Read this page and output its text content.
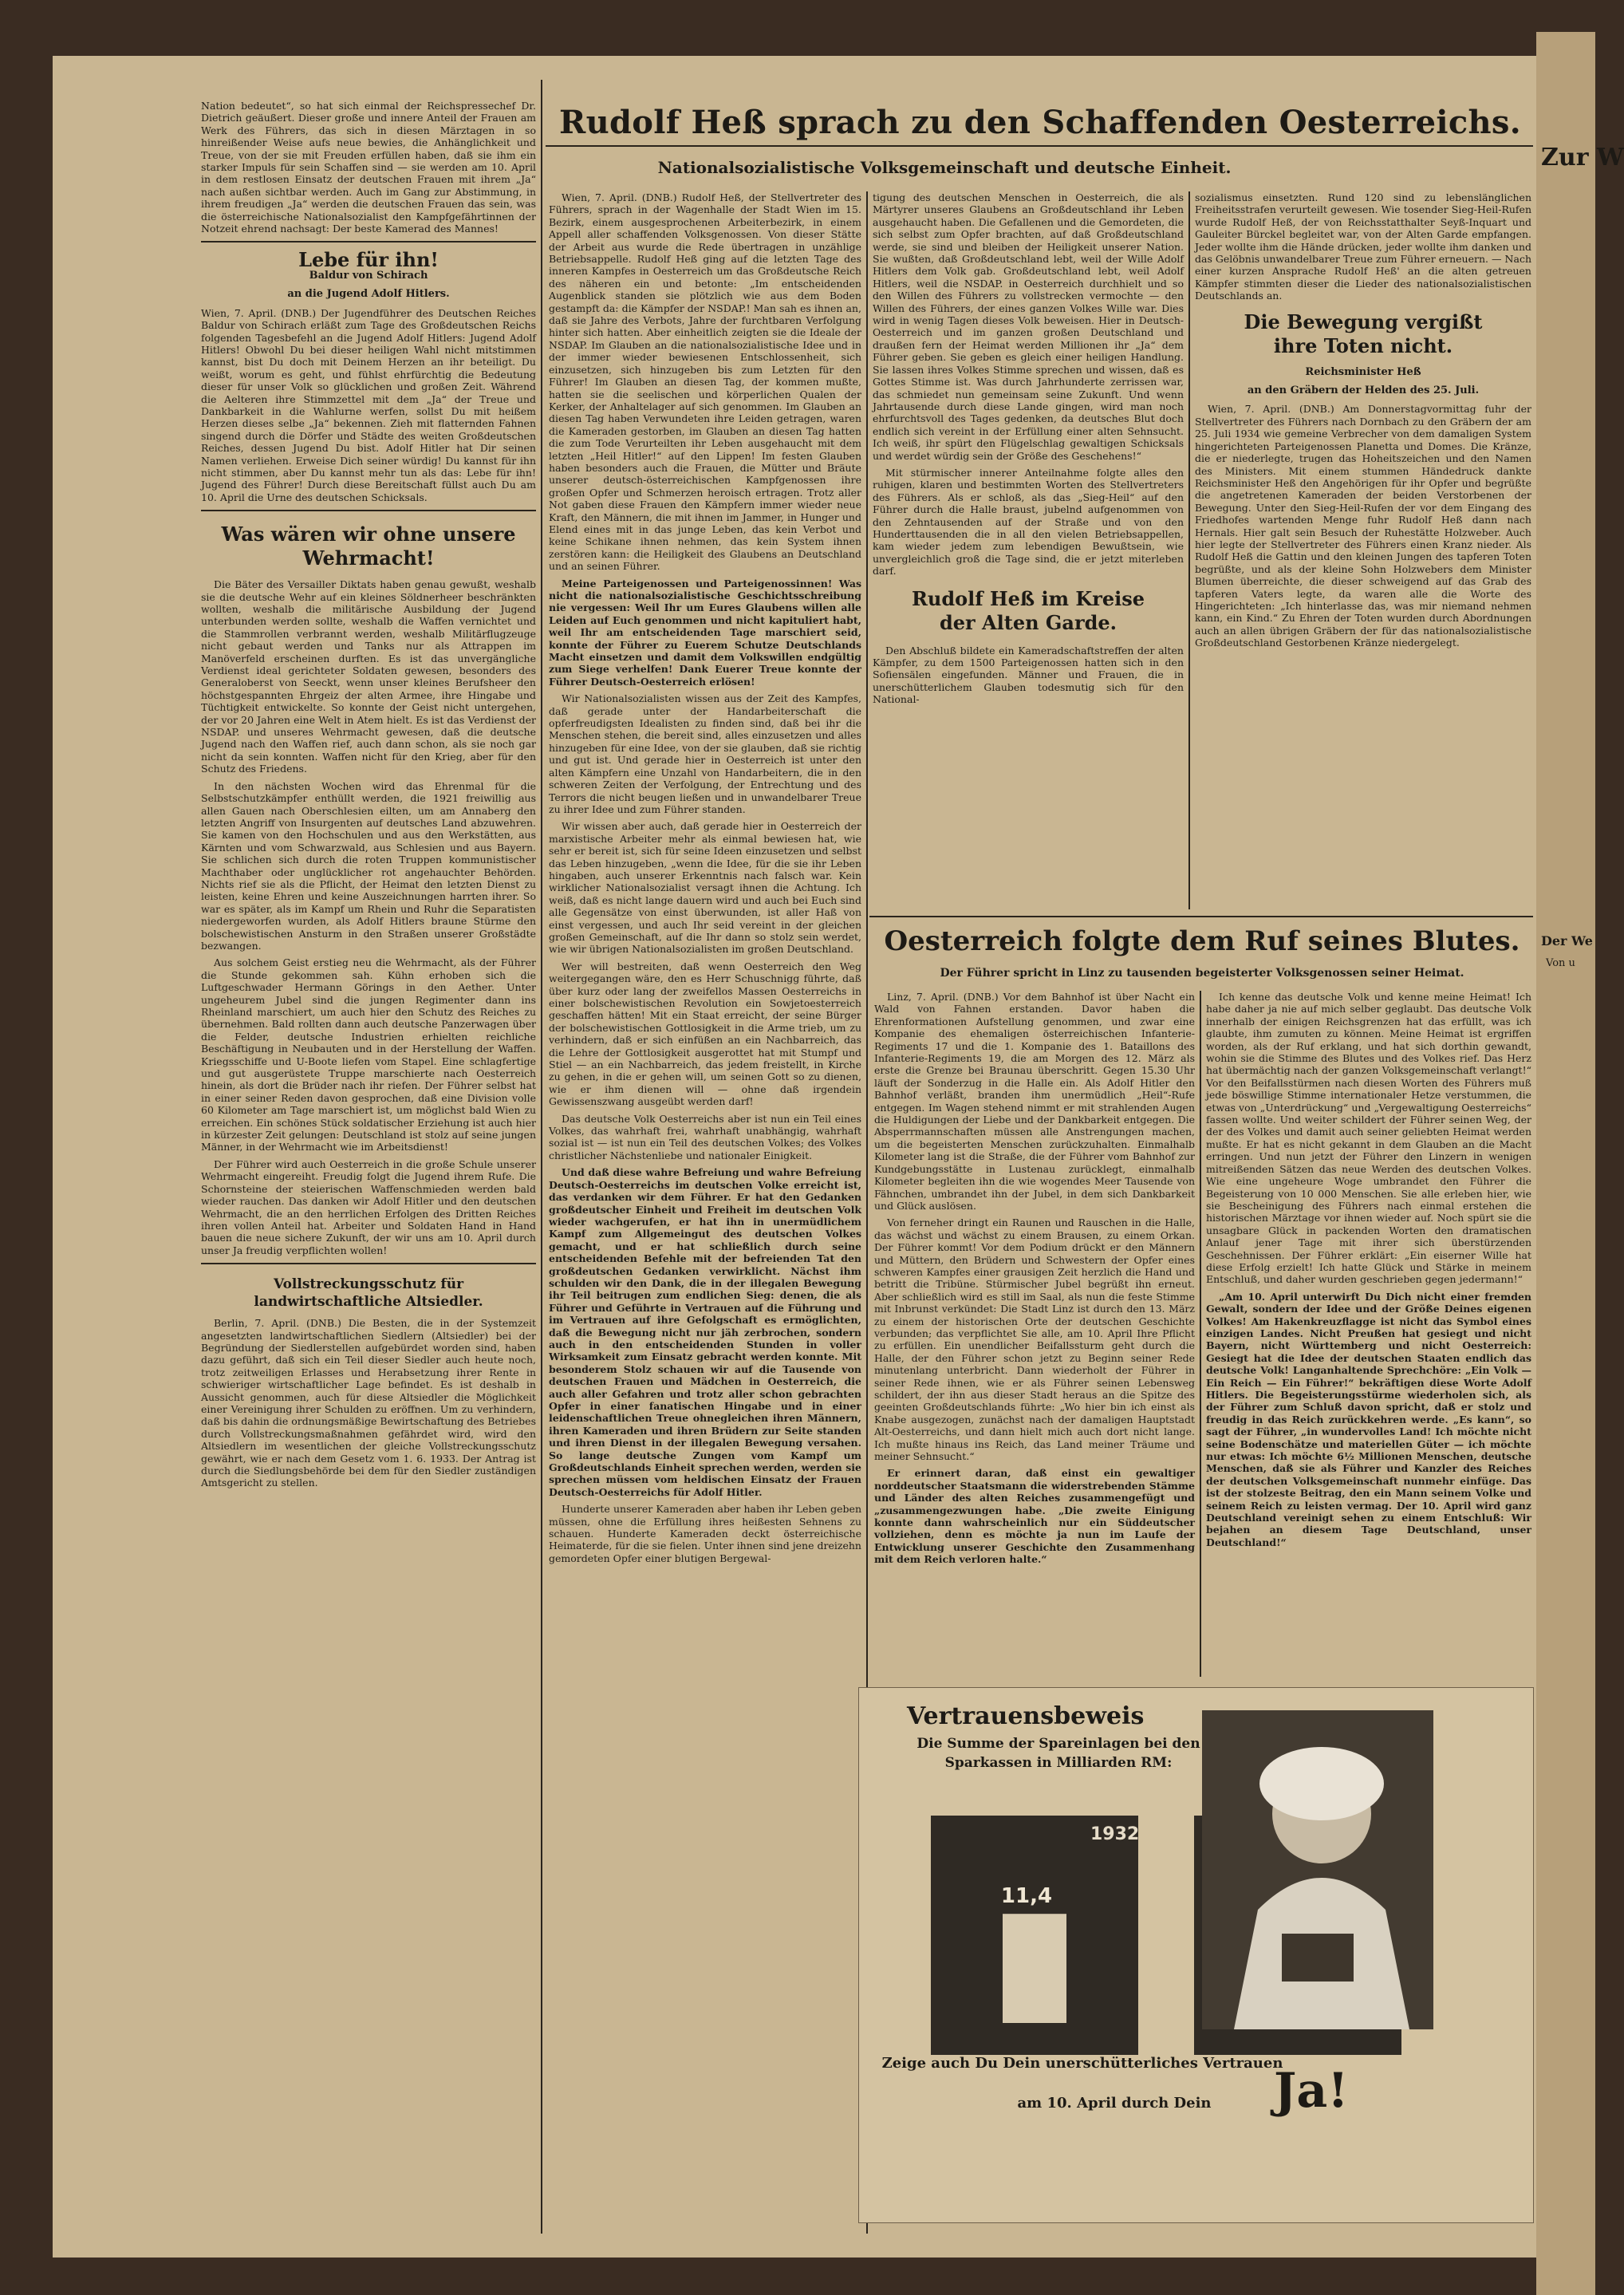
Nation bedeutet“, so hat sich einmal der Reichspressechef Dr. Dietrich geäußert. Dieser große und innere Anteil der Frauen am Werk des Führers, das sich in diesen Märztagen in so hinreißender Weise aufs neue bewies, die Anhänglichkeit und Treue, von der sie mit Freuden erfüllen haben, daß sie ihm ein starker Impuls für sein Schaffen sind — sie werden am 10. April in dem restlosen Einsatz der deutschen Frauen mit ihrem „Ja“ nach außen sichtbar werden. Auch im Gang zur Abstimmung, in ihrem freudigen „Ja“ werden die deutschen Frauen das sein, was die österreichische Nationalsozialist den Kampfgefährtinnen der Notzeit ehrend nachsagt: Der beste Kamerad des Mannes!

Lebe für ihn!
Baldur von Schirach
an die Jugend Adolf Hitlers.

Wien, 7. April. (DNB.) Der Jugendführer des Deutschen Reiches Baldur von Schirach erläßt zum Tage des Großdeutschen Reichs folgenden Tagesbefehl an die Jugend Adolf Hitlers: Jugend Adolf Hitlers! Obwohl Du bei dieser heiligen Wahl nicht mitstimmen kannst, bist Du doch mit Deinem Herzen an ihr beteiligt. Du weißt, worum es geht, und fühlst ehrfürchtig die Bedeutung dieser für unser Volk so glücklichen und großen Zeit. Während die Aelteren ihre Stimmzettel mit dem „Ja“ der Treue und Dankbarkeit in die Wahlurne werfen, sollst Du mit heißem Herzen dieses selbe „Ja“ bekennen. Zieh mit flatternden Fahnen singend durch die Dörfer und Städte des weiten Großdeutschen Reiches, dessen Jugend Du bist. Adolf Hitler hat Dir seinen Namen verliehen. Erweise Dich seiner würdig! Du kannst für ihn nicht stimmen, aber Du kannst mehr tun als das: Lebe für ihn! Jugend des Führer! Durch diese Bereitschaft füllst auch Du am 10. April die Urne des deutschen Schicksals.

Was wären wir ohne unsere Wehrmacht!

Die Bäter des Versailler Diktats haben genau gewußt, weshalb sie die deutsche Wehr auf ein kleines Söldnerheer beschränkten wollten, weshalb die militärische Ausbildung der Jugend unterbunden werden sollte, weshalb die Waffen vernichtet und die Stammrollen verbrannt werden, weshalb Militärflugzeuge nicht gebaut werden und Tanks nur als Attrappen im Manöverfeld erscheinen durften. Es ist das unvergängliche Verdienst ideal gerichteter Soldaten gewesen, besonders des Generaloberst von Seeckt, wenn unser kleines Berufsheer den höchstgespannten Ehrgeiz der alten Armee, ihre Hingabe und Tüchtigkeit entwickelte. So konnte der Geist nicht untergehen, der vor 20 Jahren eine Welt in Atem hielt. Es ist das Verdienst der NSDAP. und unseres Wehrmacht gewesen, daß die deutsche Jugend nach den Waffen rief, auch dann schon, als sie noch gar nicht da sein konnten. Waffen nicht für den Krieg, aber für den Schutz des Friedens.

In den nächsten Wochen wird das Ehrenmal für die Selbstschutzkämpfer enthüllt werden, die 1921 freiwillig aus allen Gauen nach Oberschlesien eilten, um am Annaberg den letzten Angriff von Insurgenten auf deutsches Land abzuwehren. Sie kamen von den Hochschulen und aus den Werkstätten, aus Kärnten und vom Schwarzwald, aus Schlesien und aus Bayern. Sie schlichen sich durch die roten Truppen kommunistischer Machthaber oder unglücklicher rot angehauchter Behörden. Nichts rief sie als die Pflicht, der Heimat den letzten Dienst zu leisten, keine Ehren und keine Auszeichnungen harrten ihrer. So war es später, als im Kampf um Rhein und Ruhr die Separatisten niedergeworfen wurden, als Adolf Hitlers braune Stürme den bolschewistischen Ansturm in den Straßen unserer Großstädte bezwangen.

Aus solchem Geist erstieg neu die Wehrmacht, als der Führer die Stunde gekommen sah. Kühn erhoben sich die Luftgeschwader Hermann Görings in den Aether. Unter ungeheurem Jubel sind die jungen Regimenter dann ins Rheinland marschiert, um auch hier den Schutz des Reiches zu übernehmen. Bald rollten dann auch deutsche Panzerwagen über die Felder, deutsche Industrien erhielten reichliche Beschäftigung in Neubauten und in der Herstellung der Waffen. Kriegsschiffe und U-Boote liefen vom Stapel. Eine schlagfertige und gut ausgerüstete Truppe marschierte nach Oesterreich hinein, als dort die Brüder nach ihr riefen. Der Führer selbst hat in einer seiner Reden davon gesprochen, daß eine Division volle 60 Kilometer am Tage marschiert ist, um möglichst bald Wien zu erreichen. Ein schönes Stück soldatischer Erziehung ist auch hier in kürzester Zeit gelungen: Deutschland ist stolz auf seine jungen Männer, in der Wehrmacht wie im Arbeitsdienst!

Der Führer wird auch Oesterreich in die große Schule unserer Wehrmacht eingereiht. Freudig folgt die Jugend ihrem Rufe. Die Schornsteine der steierischen Waffenschmieden werden bald wieder rauchen. Das danken wir Adolf Hitler und den deutschen Wehrmacht, die an den herrlichen Erfolgen des Dritten Reiches ihren vollen Anteil hat. Arbeiter und Soldaten Hand in Hand bauen die neue sichere Zukunft, der wir uns am 10. April durch unser Ja freudig verpflichten wollen!

Vollstreckungsschutz für landwirtschaftliche Altsiedler.

Berlin, 7. April. (DNB.) Die Besten, die in der Systemzeit angesetzten landwirtschaftlichen Siedlern (Altsiedler) bei der Begründung der Siedlerstellen aufgebürdet worden sind, haben dazu geführt, daß sich ein Teil dieser Siedler auch heute noch, trotz zeitweiligen Erlasses und Herabsetzung ihrer Rente in schwieriger wirtschaftlicher Lage befindet. Es ist deshalb in Aussicht genommen, auch für diese Altsiedler die Möglichkeit einer Vereinigung ihrer Schulden zu eröffnen. Um zu verhindern, daß bis dahin die ordnungsmäßige Bewirtschaftung des Betriebes durch Vollstreckungsmaßnahmen gefährdet wird, wird den Altsiedlern im wesentlichen der gleiche Vollstreckungsschutz gewährt, wie er nach dem Gesetz vom 1. 6. 1933. Der Antrag ist durch die Siedlungsbehörde bei dem für den Siedler zuständigen Amtsgericht zu stellen.

Rudolf Heß sprach zu den Schaffenden Oesterreichs.
Nationalsozialistische Volksgemeinschaft und deutsche Einheit.

Wien, 7. April. (DNB.) Rudolf Heß, der Stellvertreter des Führers, sprach in der Wagenhalle der Stadt Wien im 15. Bezirk, einem ausgesprochenen Arbeiterbezirk, in einem Appell aller schaffenden Volksgenossen. Von dieser Stätte der Arbeit aus wurde die Rede übertragen in unzählige Betriebsappelle. Rudolf Heß ging auf die letzten Tage des inneren Kampfes in Oesterreich um das Großdeutsche Reich des näheren ein und betonte: „Im entscheidenden Augenblick standen sie plötzlich wie aus dem Boden gestampft da: die Kämpfer der NSDAP.! Man sah es ihnen an, daß sie Jahre des Verbots, Jahre der furchtbaren Verfolgung hinter sich hatten. Aber einheitlich zeigten sie die Ideale der NSDAP. Im Glauben an die nationalsozialistische Idee und in der immer wieder bewiesenen Entschlossenheit, sich einzusetzen, sich hinzugeben bis zum Letzten für den Führer! Im Glauben an diesen Tag, der kommen mußte, hatten sie die seelischen und körperlichen Qualen der Kerker, der Anhaltelager auf sich genommen. Im Glauben an diesen Tag haben Verwundeten ihre Leiden getragen, waren die Kameraden gestorben, im Glauben an diesen Tag hatten die zum Tode Verurteilten ihr Leben ausgehaucht mit dem letzten „Heil Hitler!“ auf den Lippen! Im festen Glauben haben besonders auch die Frauen, die Mütter und Bräute unserer deutsch-österreichischen Kampfgenossen ihre großen Opfer und Schmerzen heroisch ertragen. Trotz aller Not gaben diese Frauen den Kämpfern immer wieder neue Kraft, den Männern, die mit ihnen im Jammer, in Hunger und Elend eines mit in das junge Leben, das kein Verbot und keine Schikane ihnen nehmen, das kein System ihnen zerstören kann: die Heiligkeit des Glaubens an Deutschland und an seinen Führer.

Meine Parteigenossen und Parteigenossinnen! Was nicht die nationalsozialistische Geschichtsschreibung nie vergessen: Weil Ihr um Eures Glaubens willen alle Leiden auf Euch genommen und nicht kapituliert habt, weil Ihr am entscheidenden Tage marschiert seid, konnte der Führer zu Euerem Schutze Deutschlands Macht einsetzen und damit dem Volkswillen endgültig zum Siege verhelfen! Dank Euerer Treue konnte der Führer Deutsch-Oesterreich erlösen!

Wir Nationalsozialisten wissen aus der Zeit des Kampfes, daß gerade unter der Handarbeiterschaft die opferfreudigsten Idealisten zu finden sind, daß bei ihr die Menschen stehen, die bereit sind, alles einzusetzen und alles hinzugeben für eine Idee, von der sie glauben, daß sie richtig und gut ist. Und gerade hier in Oesterreich ist unter den alten Kämpfern eine Unzahl von Handarbeitern, die in den schweren Zeiten der Verfolgung, der Entrechtung und des Terrors die nicht beugen ließen und in unwandelbarer Treue zu ihrer Idee und zum Führer standen.

Wir wissen aber auch, daß gerade hier in Oesterreich der marxistische Arbeiter mehr als einmal bewiesen hat, wie sehr er bereit ist, sich für seine Ideen einzusetzen und selbst das Leben hinzugeben, „wenn die Idee, für die sie ihr Leben hingaben, auch unserer Erkenntnis nach falsch war. Kein wirklicher Nationalsozialist versagt ihnen die Achtung. Ich weiß, daß es nicht lange dauern wird und auch bei Euch sind alle Gegensätze von einst überwunden, ist aller Haß von einst vergessen, und auch Ihr seid vereint in der gleichen großen Gemeinschaft, auf die Ihr dann so stolz sein werdet, wie wir übrigen Nationalsozialisten im großen Deutschland.

Wer will bestreiten, daß wenn Oesterreich den Weg weitergegangen wäre, den es Herr Schuschnigg führte, daß über kurz oder lang der zweifellos Massen Oesterreichs in einer bolschewistischen Revolution ein Sowjetoesterreich geschaffen hätten! Mit ein Staat erreicht, der seine Bürger der bolschewistischen Gottlosigkeit in die Arme trieb, um zu verhindern, daß er sich einfüßen an ein Nachbarreich, das die Lehre der Gottlosigkeit ausgerottet hat mit Stumpf und Stiel — an ein Nachbarreich, das jedem freistellt, in Kirche zu gehen, in die er gehen will, um seinen Gott so zu dienen, wie er ihm dienen will — ohne daß irgendein Gewissenszwang ausgeübt werden darf!

Das deutsche Volk Oesterreichs aber ist nun ein Teil eines Volkes, das wahrhaft frei, wahrhaft unabhängig, wahrhaft sozial ist — ist nun ein Teil des deutschen Volkes; des Volkes christlicher Nächstenliebe und nationaler Einigkeit.

Und daß diese wahre Befreiung und wahre Befreiung Deutsch-Oesterreichs im deutschen Volke erreicht ist, das verdanken wir dem Führer. Er hat den Gedanken großdeutscher Einheit und Freiheit im deutschen Volk wieder wachgerufen, er hat ihn in unermüdlichem Kampf zum Allgemeingut des deutschen Volkes gemacht, und er hat schließlich durch seine entscheidenden Befehle mit der befreienden Tat den großdeutschen Gedanken verwirklicht. Nächst ihm schulden wir den Dank, die in der illegalen Bewegung ihr Teil beitrugen zum endlichen Sieg: denen, die als Führer und Geführte in Vertrauen auf die Führung und im Vertrauen auf ihre Gefolgschaft es ermöglichten, daß die Bewegung nicht nur jäh zerbrochen, sondern auch in den entscheidenden Stunden in voller Wirksamkeit zum Einsatz gebracht werden konnte. Mit besonderem Stolz schauen wir auf die Tausende von deutschen Frauen und Mädchen in Oesterreich, die auch aller Gefahren und trotz aller schon gebrachten Opfer in einer fanatischen Hingabe und in einer leidenschaftlichen Treue ohnegleichen ihren Männern, ihren Kameraden und ihren Brüdern zur Seite standen und ihren Dienst in der illegalen Bewegung versahen. So lange deutsche Zungen vom Kampf um Großdeutschlands Einheit sprechen werden, werden sie sprechen müssen vom heldischen Einsatz der Frauen Deutsch-Oesterreichs für Adolf Hitler.

Hunderte unserer Kameraden aber haben ihr Leben geben müssen, ohne die Erfüllung ihres heißesten Sehnens zu schauen. Hunderte Kameraden deckt österreichische Heimaterde, für die sie fielen. Unter ihnen sind jene dreizehn gemordeten Opfer einer blutigen Bergewal-

tigung des deutschen Menschen in Oesterreich, die als Märtyrer unseres Glaubens an Großdeutschland ihr Leben ausgehaucht haben. Die Gefallenen und die Gemordeten, die sich selbst zum Opfer brachten, auf daß Großdeutschland werde, sie sind und bleiben der Heiligkeit unserer Nation. Sie wußten, daß Großdeutschland lebt, weil der Wille Adolf Hitlers dem Volk gab. Großdeutschland lebt, weil Adolf Hitlers, weil die NSDAP. in Oesterreich durchhielt und so den Willen des Führers zu vollstrecken vermochte — den Willen des Führers, der eines ganzen Volkes Wille war. Dies wird in wenig Tagen dieses Volk beweisen. Hier in Deutsch-Oesterreich und im ganzen großen Deutschland und draußen fern der Heimat werden Millionen ihr „Ja“ dem Führer geben. Sie geben es gleich einer heiligen Handlung. Sie lassen ihres Volkes Stimme sprechen und wissen, daß es Gottes Stimme ist. Was durch Jahrhunderte zerrissen war, das schmiedet nun gemeinsam seine Zukunft. Und wenn Jahrtausende durch diese Lande gingen, wird man noch ehrfurchtsvoll des Tages gedenken, da deutsches Blut doch endlich sich vereint in der Erfüllung einer alten Sehnsucht. Ich weiß, ihr spürt den Flügelschlag gewaltigen Schicksals und werdet würdig sein der Größe des Geschehens!“

Mit stürmischer innerer Anteilnahme folgte alles den ruhigen, klaren und bestimmten Worten des Stellvertreters des Führers. Als er schloß, als das „Sieg-Heil“ auf den Führer durch die Halle braust, jubelnd aufgenommen von den Zehntausenden auf der Straße und von den Hunderttausenden die in all den vielen Betriebsappellen, kam wieder jedem zum lebendigen Bewußtsein, wie unvergleichlich groß die Tage sind, die er jetzt miterleben darf.

Rudolf Heß im Kreise der Alten Garde.

Den Abschluß bildete ein Kameradschaftstreffen der alten Kämpfer, zu dem 1500 Parteigenossen hatten sich in den Sofiensälen eingefunden. Männer und Frauen, die in unerschütterlichem Glauben todesmutig sich für den National-

sozialismus einsetzten. Rund 120 sind zu lebenslänglichen Freiheitsstrafen verurteilt gewesen. Wie tosender Sieg-Heil-Rufen wurde Rudolf Heß, der von Reichsstatthalter Seyß-Inquart und Gauleiter Bürckel begleitet war, von der Alten Garde empfangen. Jeder wollte ihm die Hände drücken, jeder wollte ihm danken und das Gelöbnis unwandelbarer Treue zum Führer erneuern. — Nach einer kurzen Ansprache Rudolf Heß' an die alten getreuen Kämpfer stimmten dieser die Lieder des nationalsozialistischen Deutschlands an.

Die Bewegung vergißt ihre Toten nicht.
Reichsminister Heß
an den Gräbern der Helden des 25. Juli.

Wien, 7. April. (DNB.) Am Donnerstagvormittag fuhr der Stellvertreter des Führers nach Dornbach zu den Gräbern der am 25. Juli 1934 wie gemeine Verbrecher von dem damaligen System hingerichteten Parteigenossen Planetta und Domes. Die Kränze, die er niederlegte, trugen das Hoheitszeichen und den Namen des Ministers. Mit einem stummen Händedruck dankte Reichsminister Heß den Angehörigen für ihr Opfer und begrüßte die angetretenen Kameraden der beiden Verstorbenen der Bewegung. Unter den Sieg-Heil-Rufen der vor dem Eingang des Friedhofes wartenden Menge fuhr Rudolf Heß dann nach Hernals. Hier galt sein Besuch der Ruhestätte Holzweber. Auch hier legte der Stellvertreter des Führers einen Kranz nieder. Als Rudolf Heß die Gattin und den kleinen Jungen des tapferen Toten begrüßte, und als der kleine Sohn Holzwebers dem Minister Blumen überreichte, die dieser schweigend auf das Grab des tapferen Vaters legte, da waren alle die Worte des Hingerichteten: „Ich hinterlasse das, was mir niemand nehmen kann, ein Kind.“ Zu Ehren der Toten wurden durch Abordnungen auch an allen übrigen Gräbern der für das nationalsozialistische Großdeutschland Gestorbenen Kränze niedergelegt.

Oesterreich folgte dem Ruf seines Blutes.
Der Führer spricht in Linz zu tausenden begeisterter Volksgenossen seiner Heimat.

Linz, 7. April. (DNB.) Vor dem Bahnhof ist über Nacht ein Wald von Fahnen erstanden. Davor haben die Ehrenformationen Aufstellung genommen, und zwar eine Kompanie des ehemaligen österreichischen Infanterie-Regiments 17 und die 1. Kompanie des 1. Bataillons des Infanterie-Regiments 19, die am Morgen des 12. März als erste die Grenze bei Braunau überschritt. Gegen 15.30 Uhr läuft der Sonderzug in die Halle ein. Als Adolf Hitler den Bahnhof verläßt, branden ihm unermüdlich „Heil“-Rufe entgegen. Im Wagen stehend nimmt er mit strahlenden Augen die Huldigungen der Liebe und der Dankbarkeit entgegen. Die Absperrmannschaften müssen alle Anstrengungen machen, um die begeisterten Menschen zurückzuhalten. Einmalhalb Kilometer lang ist die Straße, die der Führer vom Bahnhof zur Kundgebungsstätte in Lustenau zurücklegt, einmalhalb Kilometer begleiten ihn die wie wogendes Meer Tausende von Fähnchen, umbrandet ihn der Jubel, in dem sich Dankbarkeit und Glück auslösen.

Von ferneher dringt ein Raunen und Rauschen in die Halle, das wächst und wächst zu einem Brausen, zu einem Orkan. Der Führer kommt! Vor dem Podium drückt er den Männern und Müttern, den Brüdern und Schwestern der Opfer eines schweren Kampfes einer grausigen Zeit herzlich die Hand und betritt die Tribüne. Stürmischer Jubel begrüßt ihn erneut. Aber schließlich wird es still im Saal, als nun die feste Stimme mit Inbrunst verkündet: Die Stadt Linz ist durch den 13. März zu einem der historischen Orte der deutschen Geschichte verbunden; das verpflichtet Sie alle, am 10. April Ihre Pflicht zu erfüllen. Ein unendlicher Beifallssturm geht durch die Halle, der den Führer schon jetzt zu Beginn seiner Rede minutenlang unterbricht. Dann wiederholt der Führer in seiner Rede ihnen, wie er als Führer seinen Lebensweg schildert, der ihn aus dieser Stadt heraus an die Spitze des geeinten Großdeutschlands führte: „Wo hier bin ich einst als Knabe ausgezogen, zunächst nach der damaligen Hauptstadt Alt-Oesterreichs, und dann hielt mich auch dort nicht lange. Ich mußte hinaus ins Reich, das Land meiner Träume und meiner Sehnsucht.“

Er erinnert daran, daß einst ein gewaltiger norddeutscher Staatsmann die widerstrebenden Stämme und Länder des alten Reiches zusammengefügt und „zusammengezwungen habe. „Die zweite Einigung konnte dann wahrscheinlich nur ein Süddeutscher vollziehen, denn es möchte ja nun im Laufe der Entwicklung unserer Geschichte den Zusammenhang mit dem Reich verloren halte.“

Ich kenne das deutsche Volk und kenne meine Heimat! Ich habe daher ja nie auf mich selber geglaubt. Das deutsche Volk innerhalb der einigen Reichsgrenzen hat das erfüllt, was ich glaubte, ihm zumuten zu können. Meine Heimat ist ergriffen worden, als der Ruf erklang, und hat sich dorthin gewandt, wohin sie die Stimme des Blutes und des Volkes rief. Das Herz hat übermächtig nach der ganzen Volksgemeinschaft verlangt!“ Vor den Beifallsstürmen nach diesen Worten des Führers muß jede böswillige Stimme internationaler Hetze verstummen, die etwas von „Unterdrückung“ und „Vergewaltigung Oesterreichs“ fassen wollte. Und weiter schildert der Führer seinen Weg, der der des Volkes und damit auch seiner geliebten Heimat werden mußte. Er hat es nicht gekannt in dem Glauben an die Macht erringen. Und nun jetzt der Führer den Linzern in wenigen mitreißenden Sätzen das neue Werden des deutschen Volkes. Wie eine ungeheure Woge umbrandet den Führer die Begeisterung von 10 000 Menschen. Sie alle erleben hier, wie sie Bescheinigung des Führers nach einmal erstehen die historischen Märztage vor ihnen wieder auf. Noch spürt sie die unsagbare Glück in packenden Worten den dramatischen Anlauf jener Tage mit ihrer sich überstürzenden Geschehnissen. Der Führer erklärt: „Ein eiserner Wille hat diese Erfolg erzielt! Ich hatte Glück und Stärke in meinem Entschluß, und daher wurden geschrieben gegen jedermann!“

„Am 10. April unterwirft Du Dich nicht einer fremden Gewalt, sondern der Idee und der Größe Deines eigenen Volkes! Am Hakenkreuzflagge ist nicht das Symbol eines einzigen Landes. Nicht Preußen hat gesiegt und nicht Bayern, nicht Württemberg und nicht Oesterreich: Gesiegt hat die Idee der deutschen Staaten endlich das deutsche Volk! Langanhaltende Sprechchöre: „Ein Volk — Ein Reich — Ein Führer!“ bekräftigen diese Worte Adolf Hitlers. Die Begeisterungsstürme wiederholen sich, als der Führer zum Schluß davon spricht, daß er stolz und freudig in das Reich zurückkehren werde. „Es kann“, so sagt der Führer, „in wundervolles Land! Ich möchte nicht seine Bodenschätze und materiellen Güter — ich möchte nur etwas: Ich möchte 6½ Millionen Menschen, deutsche Menschen, daß sie als Führer und Kanzler des Reiches der deutschen Volksgemeinschaft nunmehr einfüge. Das ist der stolzeste Beitrag, den ein Mann seinem Volke und seinem Reich zu leisten vermag. Der 10. April wird ganz Deutschland vereinigt sehen zu einem Entschluß: Wir bejahen an diesem Tage Deutschland, unser Deutschland!“

Vertrauensbeweis
Die Summe der Spareinlagen bei den
Sparkassen in Milliarden RM:
1932
11,4
Zeige auch Du Dein unerschütterliches Vertrauen
am 10. April durch Dein	Ja!
Zur W
Der We
Von u
